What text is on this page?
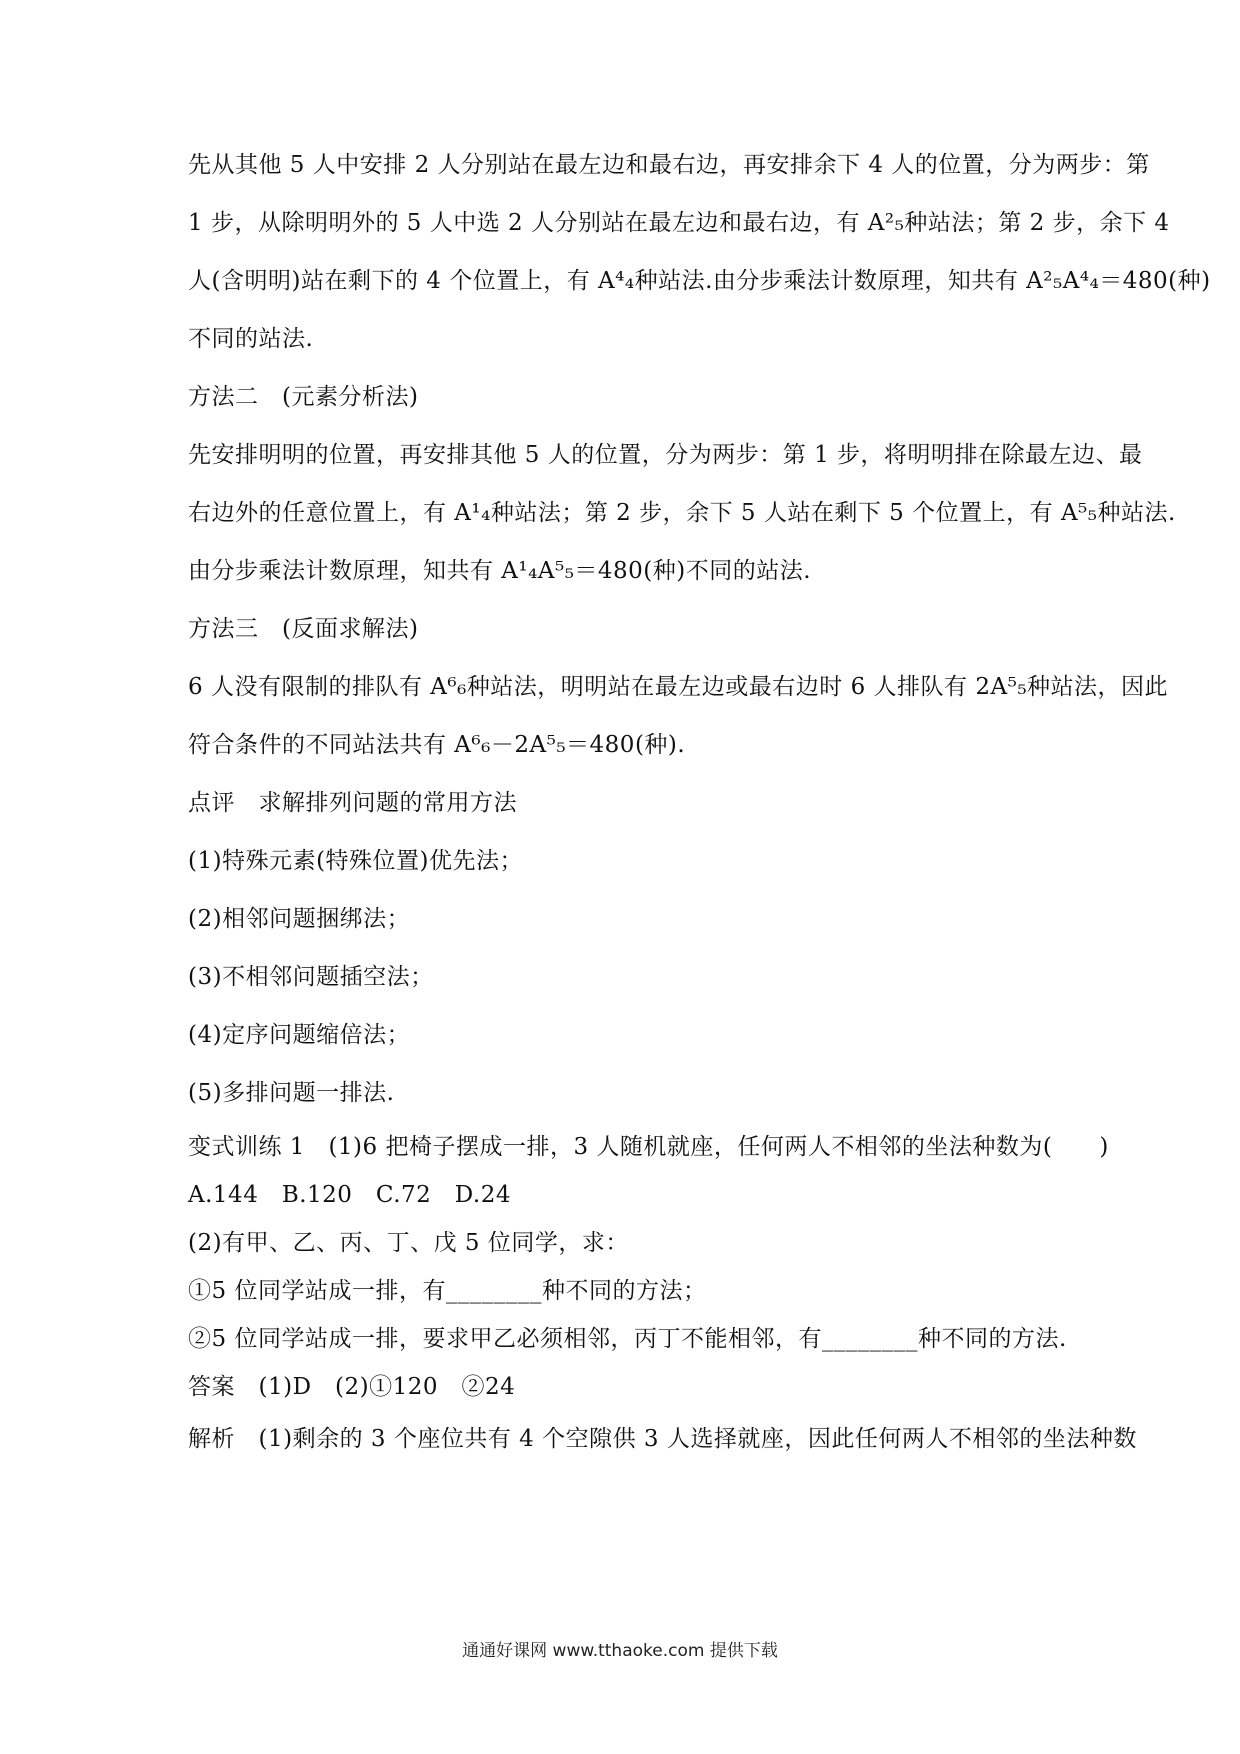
先从其他 5 人中安排 2 人分别站在最左边和最右边，再安排余下 4 人的位置，分为两步：第
1 步，从除明明外的 5 人中选 2 人分别站在最左边和最右边，有 A²₅种站法；第 2 步，余下 4
人(含明明)站在剩下的 4 个位置上，有 A⁴₄种站法.由分步乘法计数原理，知共有 A²₅A⁴₄＝480(种)
不同的站法.
方法二　(元素分析法)
先安排明明的位置，再安排其他 5 人的位置，分为两步：第 1 步，将明明排在除最左边、最
右边外的任意位置上，有 A¹₄种站法；第 2 步，余下 5 人站在剩下 5 个位置上，有 A⁵₅种站法.
由分步乘法计数原理，知共有 A¹₄A⁵₅＝480(种)不同的站法.
方法三　(反面求解法)
6 人没有限制的排队有 A⁶₆种站法，明明站在最左边或最右边时 6 人排队有 2A⁵₅种站法，因此
符合条件的不同站法共有 A⁶₆－2A⁵₅＝480(种).
点评　求解排列问题的常用方法
(1)特殊元素(特殊位置)优先法；
(2)相邻问题捆绑法；
(3)不相邻问题插空法；
(4)定序问题缩倍法；
(5)多排问题一排法.
变式训练 1　(1)6 把椅子摆成一排，3 人随机就座，任何两人不相邻的坐法种数为(　　)
A.144　B.120　C.72　D.24
(2)有甲、乙、丙、丁、戊 5 位同学，求：
①5 位同学站成一排，有________种不同的方法；
②5 位同学站成一排，要求甲乙必须相邻，丙丁不能相邻，有________种不同的方法.
答案　(1)D　(2)①120　②24
解析　(1)剩余的 3 个座位共有 4 个空隙供 3 人选择就座，因此任何两人不相邻的坐法种数
通通好课网 www.tthaoke.com 提供下载
